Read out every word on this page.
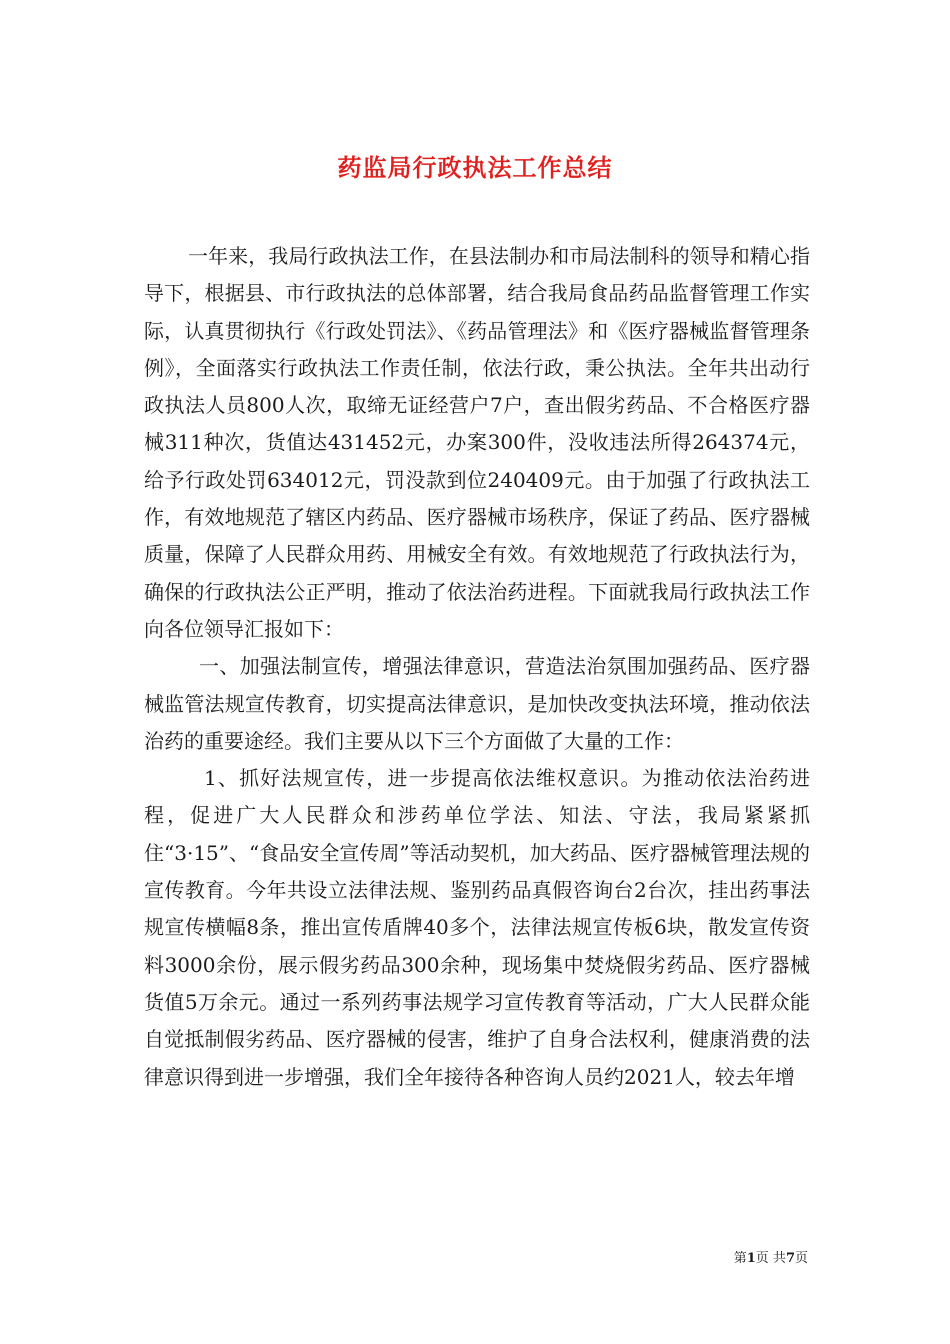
药监局行政执法工作总结

一年来，我局行政执法工作，在县法制办和市局法制科的领导和精心指导下，根据县、市行政执法的总体部署，结合我局食品药品监督管理工作实际，认真贯彻执行《行政处罚法》、《药品管理法》和《医疗器械监督管理条例》，全面落实行政执法工作责任制，依法行政，秉公执法。全年共出动行政执法人员800人次，取缔无证经营户7户，查出假劣药品、不合格医疗器械311种次，货值达431452元，办案300件，没收违法所得264374元，给予行政处罚634012元，罚没款到位240409元。由于加强了行政执法工作，有效地规范了辖区内药品、医疗器械市场秩序，保证了药品、医疗器械质量，保障了人民群众用药、用械安全有效。有效地规范了行政执法行为，确保的行政执法公正严明，推动了依法治药进程。下面就我局行政执法工作向各位领导汇报如下：

一、加强法制宣传，增强法律意识，营造法治氛围加强药品、医疗器械监管法规宣传教育，切实提高法律意识，是加快改变执法环境，推动依法治药的重要途经。我们主要从以下三个方面做了大量的工作：

1、抓好法规宣传，进一步提高依法维权意识。为推动依法治药进程，促进广大人民群众和涉药单位学法、知法、守法，我局紧紧抓住“3·15”、“食品安全宣传周”等活动契机，加大药品、医疗器械管理法规的宣传教育。今年共设立法律法规、鉴别药品真假咨询台2台次，挂出药事法规宣传横幅8条，推出宣传盾牌40多个，法律法规宣传板6块，散发宣传资料3000余份，展示假劣药品300余种，现场集中焚烧假劣药品、医疗器械货值5万余元。通过一系列药事法规学习宣传教育等活动，广大人民群众能自觉抵制假劣药品、医疗器械的侵害，维护了自身合法权利，健康消费的法律意识得到进一步增强，我们全年接待各种咨询人员约2021人，较去年增

第1页 共7页
